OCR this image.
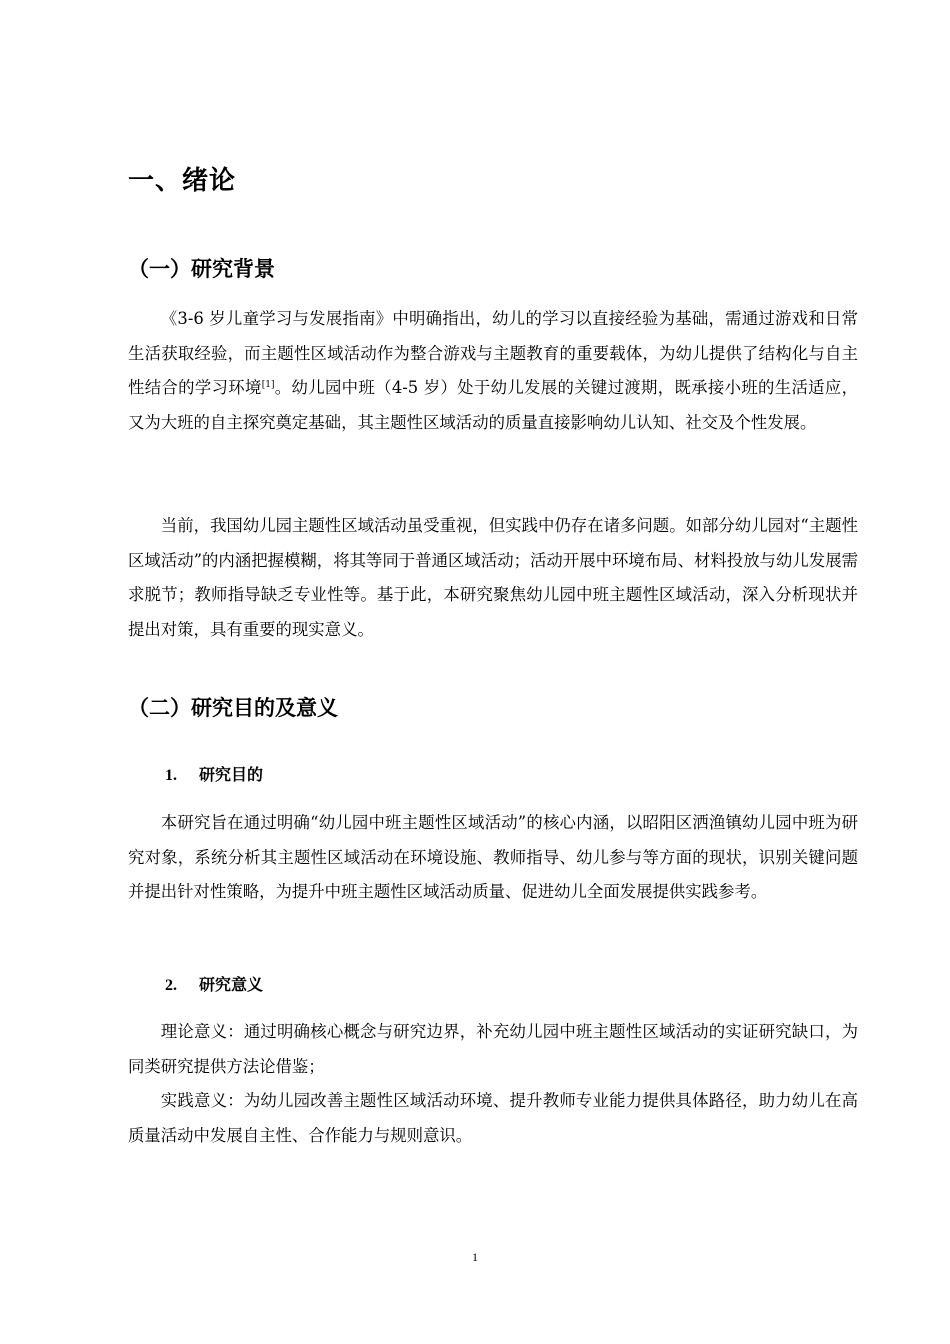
一、绪论
（一）研究背景

《3-6 岁儿童学习与发展指南》中明确指出，幼儿的学习以直接经验为基础，需通过游戏和日常生活获取经验，而主题性区域活动作为整合游戏与主题教育的重要载体，为幼儿提供了结构化与自主性结合的学习环境[1]。幼儿园中班（4-5 岁）处于幼儿发展的关键过渡期，既承接小班的生活适应，又为大班的自主探究奠定基础，其主题性区域活动的质量直接影响幼儿认知、社交及个性发展。

当前，我国幼儿园主题性区域活动虽受重视，但实践中仍存在诸多问题。如部分幼儿园对“主题性区域活动”的内涵把握模糊，将其等同于普通区域活动；活动开展中环境布局、材料投放与幼儿发展需求脱节；教师指导缺乏专业性等。基于此，本研究聚焦幼儿园中班主题性区域活动，深入分析现状并提出对策，具有重要的现实意义。

（二）研究目的及意义
1. 研究目的

本研究旨在通过明确“幼儿园中班主题性区域活动”的核心内涵，以昭阳区洒渔镇幼儿园中班为研究对象，系统分析其主题性区域活动在环境设施、教师指导、幼儿参与等方面的现状，识别关键问题并提出针对性策略，为提升中班主题性区域活动质量、促进幼儿全面发展提供实践参考。

2. 研究意义

理论意义：通过明确核心概念与研究边界，补充幼儿园中班主题性区域活动的实证研究缺口，为同类研究提供方法论借鉴；

实践意义：为幼儿园改善主题性区域活动环境、提升教师专业能力提供具体路径，助力幼儿在高质量活动中发展自主性、合作能力与规则意识。

1
